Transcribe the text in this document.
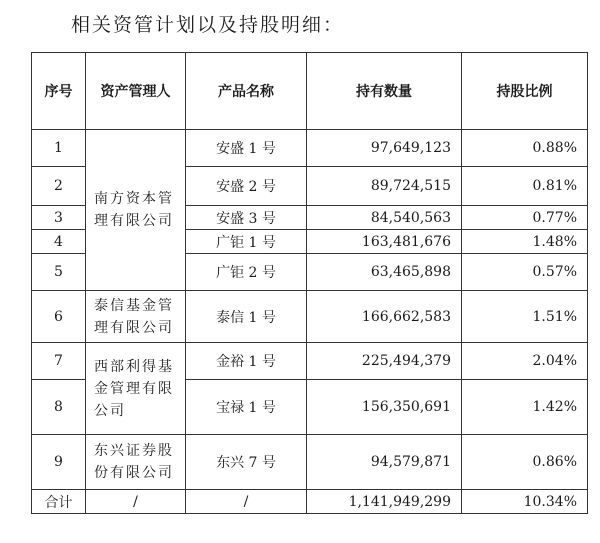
相关资管计划以及持股明细：
序号	资产管理人	产品名称	持有数量	持股比例
1	南方资本管理有限公司	安盛 1 号	97,649,123	0.88%
2		安盛 2 号	89,724,515	0.81%
3		安盛 3 号	84,540,563	0.77%
4		广钜 1 号	163,481,676	1.48%
5		广钜 2 号	63,465,898	0.57%
6	泰信基金管理有限公司	泰信 1 号	166,662,583	1.51%
7	西部利得基金管理有限公司	金裕 1 号	225,494,379	2.04%
8		宝禄 1 号	156,350,691	1.42%
9	东兴证券股份有限公司	东兴 7 号	94,579,871	0.86%
合计	/	/	1,141,949,299	10.34%
